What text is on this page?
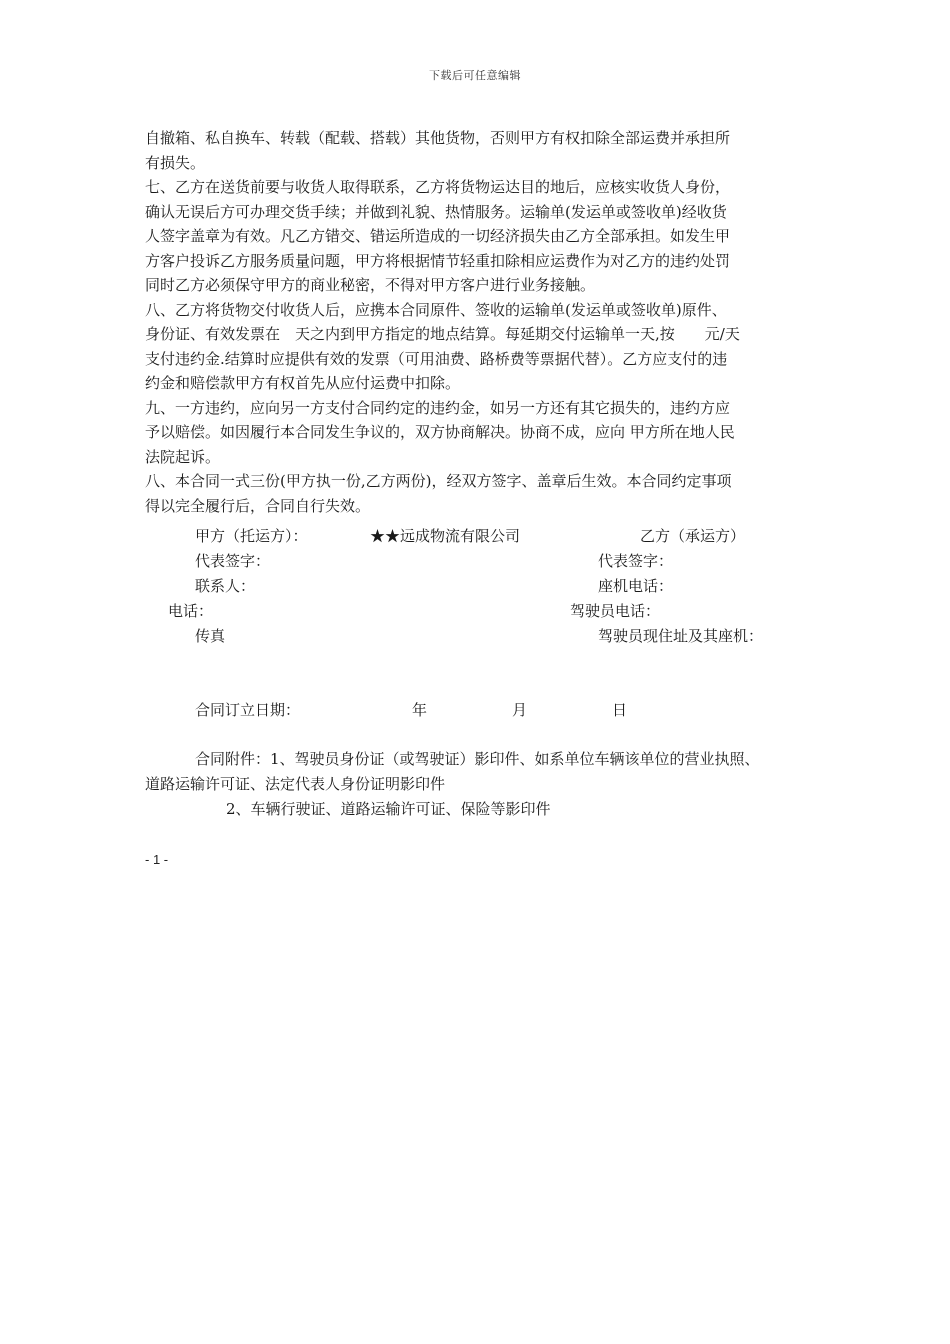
下载后可任意编辑

自撤箱、私自换车、转载（配载、搭载）其他货物，否则甲方有权扣除全部运费并承担所

有损失。

七、乙方在送货前要与收货人取得联系，乙方将货物运达目的地后，应核实收货人身份，

确认无误后方可办理交货手续；并做到礼貌、热情服务。运输单(发运单或签收单)经收货

人签字盖章为有效。凡乙方错交、错运所造成的一切经济损失由乙方全部承担。如发生甲

方客户投诉乙方服务质量问题，甲方将根据情节轻重扣除相应运费作为对乙方的违约处罚

同时乙方必须保守甲方的商业秘密，不得对甲方客户进行业务接触。

八、乙方将货物交付收货人后，应携本合同原件、签收的运输单(发运单或签收单)原件、

身份证、有效发票在　天之内到甲方指定的地点结算。每延期交付运输单一天,按　　元/天

支付违约金.结算时应提供有效的发票（可用油费、路桥费等票据代替）。乙方应支付的违

约金和赔偿款甲方有权首先从应付运费中扣除。

九、一方违约，应向另一方支付合同约定的违约金，如另一方还有其它损失的，违约方应

予以赔偿。如因履行本合同发生争议的，双方协商解决。协商不成，应向 甲方所在地人民

法院起诉。

八、本合同一式三份(甲方执一份,乙方两份)，经双方签字、盖章后生效。本合同约定事项

得以完全履行后，合同自行失效。

甲方（托运方）：	★★远成物流有限公司	乙方（承运方）
代表签字：	代表签字：
联系人：	座机电话：
电话：	驾驶员电话：
传真	驾驶员现住址及其座机：
合同订立日期：	年	月	日
合同附件：1、驾驶员身份证（或驾驶证）影印件、如系单位车辆该单位的营业执照、
道路运输许可证、法定代表人身份证明影印件
2、车辆行驶证、道路运输许可证、保险等影印件
- 1 -
